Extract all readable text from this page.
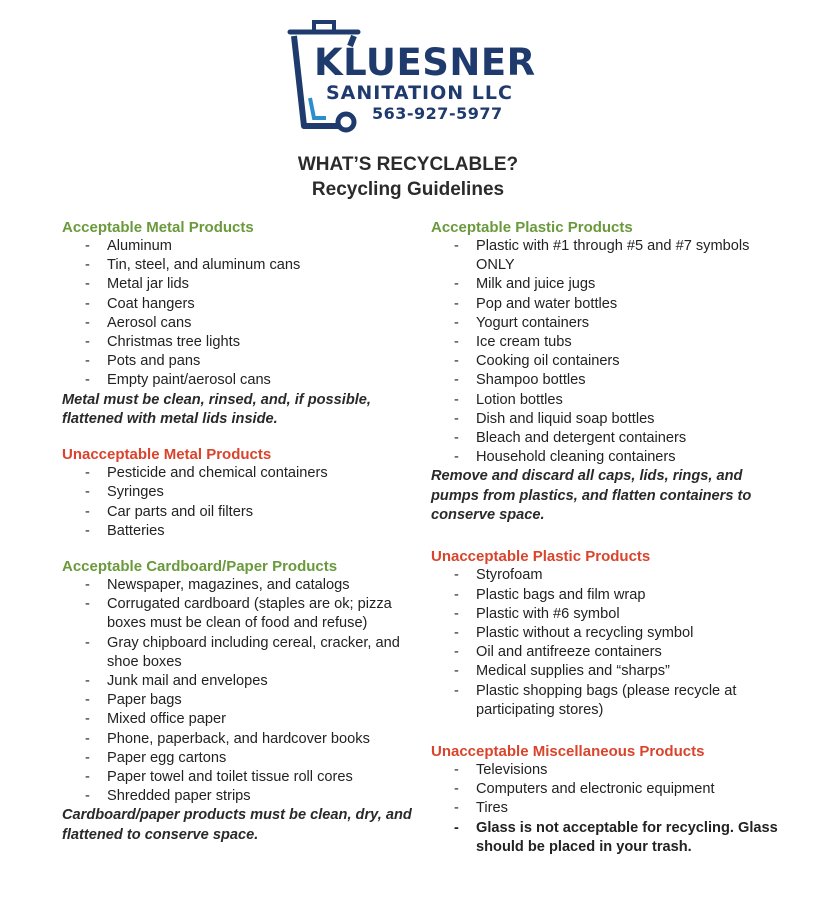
KLUESNER
SANITATION LLC
563-927-5977
WHAT’S RECYCLABLE?
Recycling Guidelines
Acceptable Metal Products
- Aluminum
- Tin, steel, and aluminum cans
- Metal jar lids
- Coat hangers
- Aerosol cans
- Christmas tree lights
- Pots and pans
- Empty paint/aerosol cans
Metal must be clean, rinsed, and, if possible, flattened with metal lids inside.
Unacceptable Metal Products
- Pesticide and chemical containers
- Syringes
- Car parts and oil filters
- Batteries
Acceptable Cardboard/Paper Products
- Newspaper, magazines, and catalogs
- Corrugated cardboard (staples are ok; pizza boxes must be clean of food and refuse)
- Gray chipboard including cereal, cracker, and shoe boxes
- Junk mail and envelopes
- Paper bags
- Mixed office paper
- Phone, paperback, and hardcover books
- Paper egg cartons
- Paper towel and toilet tissue roll cores
- Shredded paper strips
Cardboard/paper products must be clean, dry, and flattened to conserve space.
Acceptable Plastic Products
- Plastic with #1 through #5 and #7 symbols ONLY
- Milk and juice jugs
- Pop and water bottles
- Yogurt containers
- Ice cream tubs
- Cooking oil containers
- Shampoo bottles
- Lotion bottles
- Dish and liquid soap bottles
- Bleach and detergent containers
- Household cleaning containers
Remove and discard all caps, lids, rings, and pumps from plastics, and flatten containers to conserve space.
Unacceptable Plastic Products
- Styrofoam
- Plastic bags and film wrap
- Plastic with #6 symbol
- Plastic without a recycling symbol
- Oil and antifreeze containers
- Medical supplies and “sharps”
- Plastic shopping bags (please recycle at participating stores)
Unacceptable Miscellaneous Products
- Televisions
- Computers and electronic equipment
- Tires
- Glass is not acceptable for recycling. Glass should be placed in your trash.
